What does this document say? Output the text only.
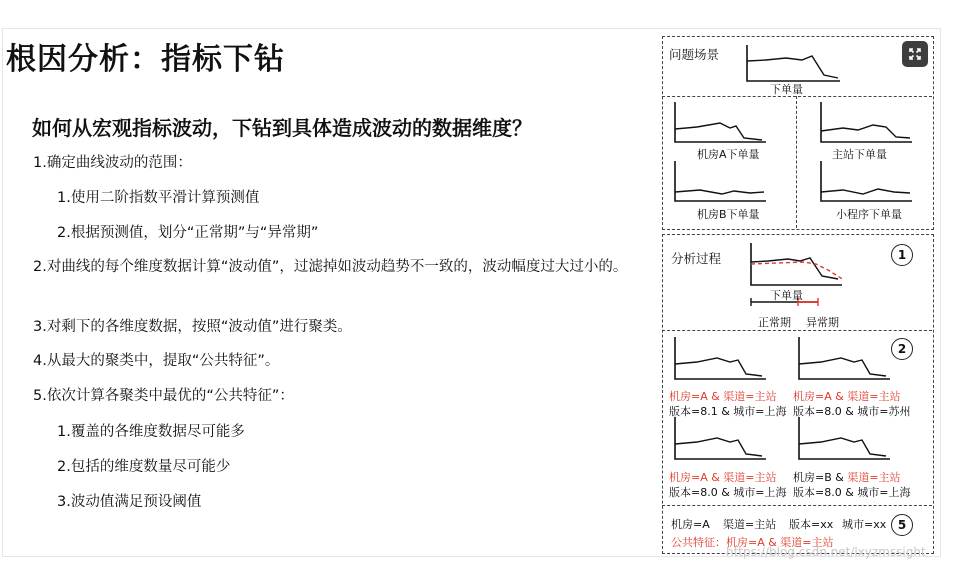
根因分析：指标下钻
如何从宏观指标波动，下钻到具体造成波动的数据维度？
1.确定曲线波动的范围：
1.使用二阶指数平滑计算预测值
2.根据预测值，划分“正常期”与“异常期”
2.对曲线的每个维度数据计算“波动值”，过滤掉如波动趋势不一致的，波动幅度过大过小的。
3.对剩下的各维度数据，按照“波动值”进行聚类。
4.从最大的聚类中，提取“公共特征”。
5.依次计算各聚类中最优的“公共特征”：
1.覆盖的各维度数据尽可能多
2.包括的维度数量尽可能少
3.波动值满足预设阈值
问题场景
下单量
机房A下单量	主站下单量
机房B下单量	小程序下单量
分析过程	1
下单量
正常期 异常期
2
机房=A & 渠道=主站
版本=8.1 & 城市=上海
机房=A & 渠道=主站
版本=8.0 & 城市=苏州
机房=A & 渠道=主站
版本=8.0 & 城市=上海
机房=B & 渠道=主站
版本=8.0 & 城市=上海
机房=A 渠道=主站 版本=xx 城市=xx 5
公共特征：机房=A & 渠道=主站
https://blog.csdn.net/lxyzmssight
